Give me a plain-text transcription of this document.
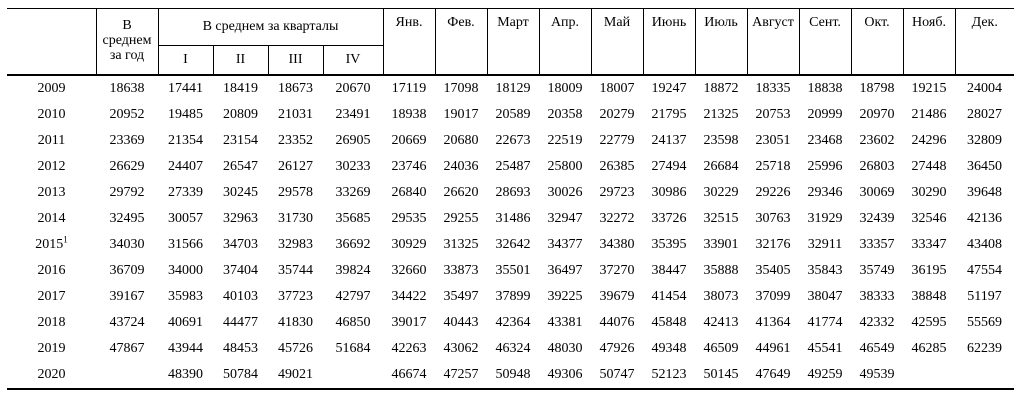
	В среднем за год	В среднем за кварталы				Янв.	Фев.	Март	Апр.	Май	Июнь	Июль	Август	Сент.	Окт.	Нояб.	Дек.
		I	II	III	IV												
2009	18638	17441	18419	18673	20670	17119	17098	18129	18009	18007	19247	18872	18335	18838	18798	19215	24004
2010	20952	19485	20809	21031	23491	18938	19017	20589	20358	20279	21795	21325	20753	20999	20970	21486	28027
2011	23369	21354	23154	23352	26905	20669	20680	22673	22519	22779	24137	23598	23051	23468	23602	24296	32809
2012	26629	24407	26547	26127	30233	23746	24036	25487	25800	26385	27494	26684	25718	25996	26803	27448	36450
2013	29792	27339	30245	29578	33269	26840	26620	28693	30026	29723	30986	30229	29226	29346	30069	30290	39648
2014	32495	30057	32963	31730	35685	29535	29255	31486	32947	32272	33726	32515	30763	31929	32439	32546	42136
2015$^1$	34030	31566	34703	32983	36692	30929	31325	32642	34377	34380	35395	33901	32176	32911	33357	33347	43408
2016	36709	34000	37404	35744	39824	32660	33873	35501	36497	37270	38447	35888	35405	35843	35749	36195	47554
2017	39167	35983	40103	37723	42797	34422	35497	37899	39225	39679	41454	38073	37099	38047	38333	38848	51197
2018	43724	40691	44477	41830	46850	39017	40443	42364	43381	44076	45848	42413	41364	41774	42332	42595	55569
2019	47867	43944	48453	45726	51684	42263	43062	46324	48030	47926	49348	46509	44961	45541	46549	46285	62239
2020		48390	50784	49021		46674	47257	50948	49306	50747	52123	50145	47649	49259	49539		
